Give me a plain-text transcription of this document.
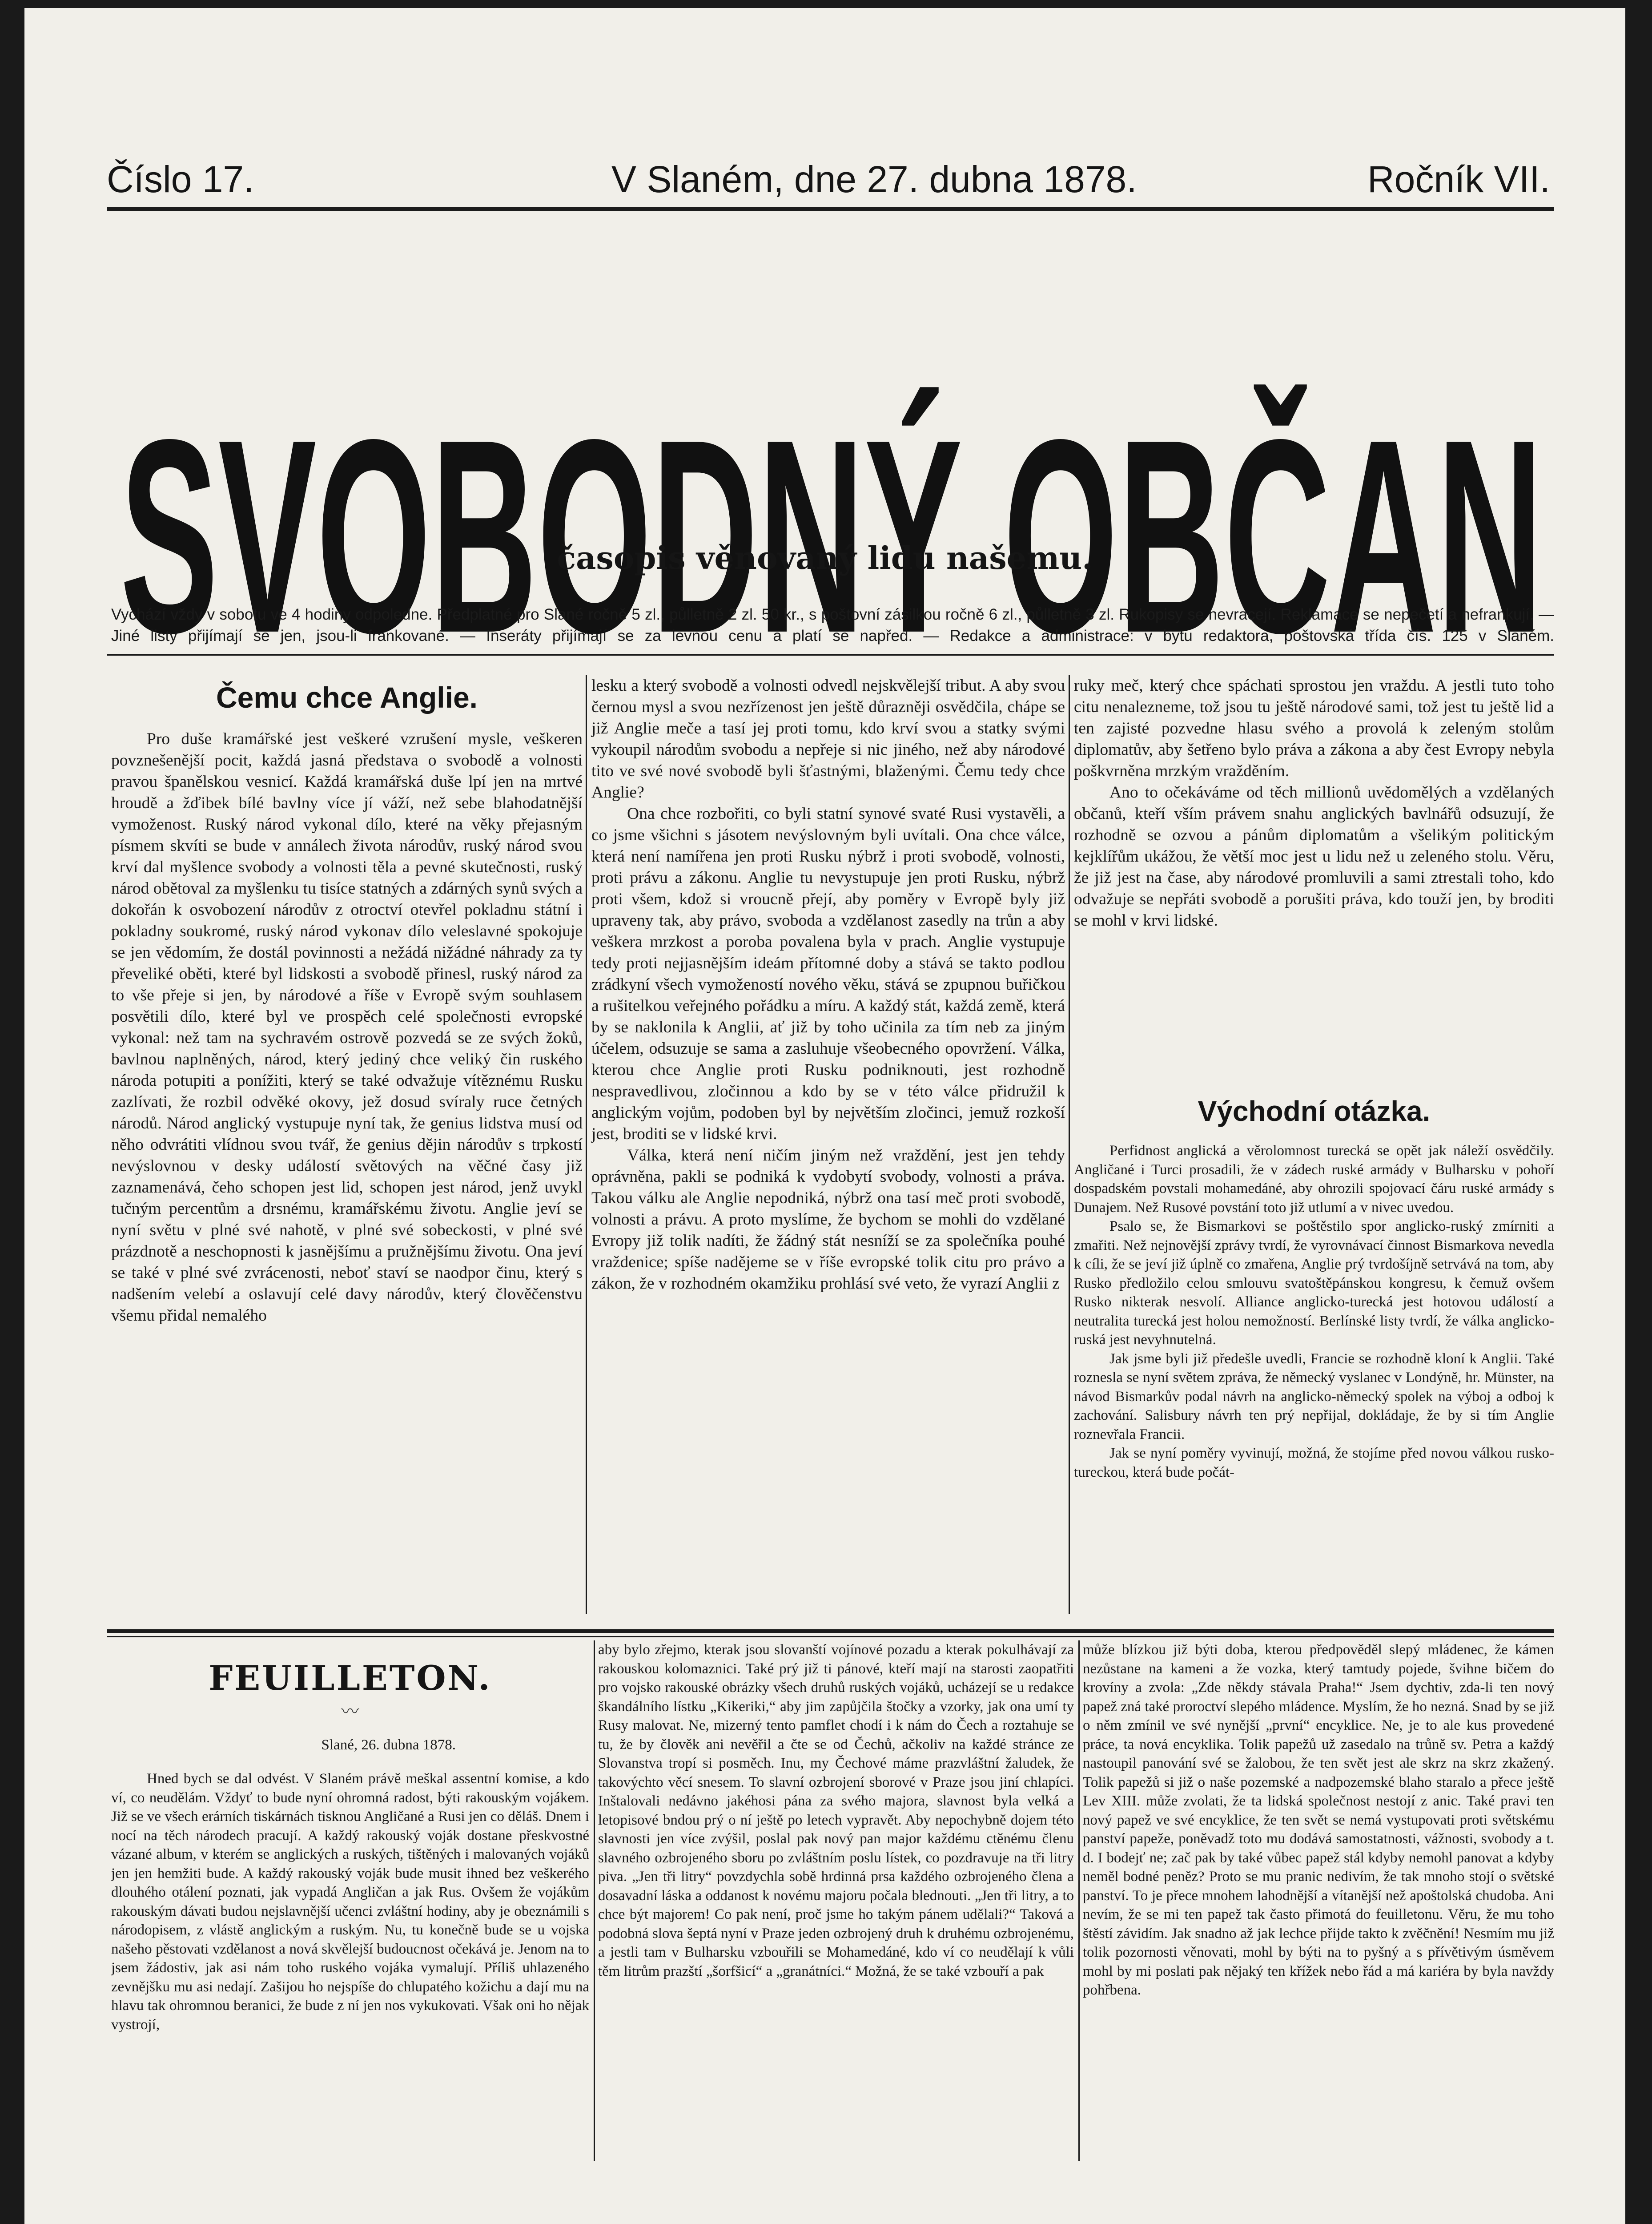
Číslo 17.	V Slaném, dne 27. dubna 1878.	Ročník VII.
SVOBODNÝ OBČAN časopis věnovaný lidu našemu.
Vychází vždy v sobotu ve 4 hodiny odpoledne. Předplatné pro Slané ročně 5 zl., půlletně 2 zl. 50 kr., s poštovní zásilkou ročně 6 zl., půlletně 3 zl. Rukopisy se nevracejí. Reklamace se nepečetí a nefrankují. — Jiné listy přijímají se jen, jsou-li frankované. — Inseráty přijímají se za levnou cenu a platí se napřed. — Redakce a administrace: v bytu redaktora, poštovská třída čís. 125 v Slaném.
Čemu chce Anglie.

Pro duše kramářské jest veškeré vzrušení mysle, veškeren povznešenější pocit, každá jasná představa o svobodě a volnosti pravou španělskou vesnicí. Každá kramářská duše lpí jen na mrtvé hroudě a žďibek bílé bavlny více jí váží, než sebe blahodatnější vymoženost. Ruský národ vykonal dílo, které na věky přejasným písmem skvíti se bude v annálech života národův, ruský národ svou krví dal myšlence svobody a volnosti těla a pevné skutečnosti, ruský národ obětoval za myšlenku tu tisíce statných a zdárných synů svých a dokořán k osvobození národův z otroctví otevřel pokladnu státní i pokladny soukromé, ruský národ vykonav dílo veleslavné spokojuje se jen vědomím, že dostál povinnosti a nežádá nižádné náhrady za ty převeliké oběti, které byl lidskosti a svobodě přinesl, ruský národ za to vše přeje si jen, by národové a říše v Evropě svým souhlasem posvětili dílo, které byl ve prospěch celé společnosti evropské vykonal: než tam na sychravém ostrově pozvedá se ze svých žoků, bavlnou naplněných, národ, který jediný chce veliký čin ruského národa potupiti a ponížiti, který se také odvažuje vítěznému Rusku zazlívati, že rozbil odvěké okovy, jež dosud svíraly ruce četných národů. Národ anglický vystupuje nyní tak, že genius lidstva musí od něho odvrátiti vlídnou svou tvář, že genius dějin národův s trpkostí nevýslovnou v desky událostí světových na věčné časy již zaznamenává, čeho schopen jest lid, schopen jest národ, jenž uvykl tučným percentům a drsnému, kramářskému životu. Anglie jeví se nyní světu v plné své nahotě, v plné své sobeckosti, v plné své prázdnotě a neschopnosti k jasnějšímu a pružnějšímu životu. Ona jeví se také v plné své zvrácenosti, neboť staví se naodpor činu, který s nadšením velebí a oslavují celé davy národův, který člověčenstvu všemu přidal nemalého

lesku a který svobodě a volnosti odvedl nejskvělejší tribut. A aby svou černou mysl a svou nezřízenost jen ještě důrazněji osvědčila, chápe se již Anglie meče a tasí jej proti tomu, kdo krví svou a statky svými vykoupil národům svobodu a nepřeje si nic jiného, než aby národové tito ve své nové svobodě byli šťastnými, blaženými. Čemu tedy chce Anglie?

Ona chce rozbořiti, co byli statní synové svaté Rusi vystavěli, a co jsme všichni s jásotem nevýslovným byli uvítali. Ona chce válce, která není namířena jen proti Rusku nýbrž i proti svobodě, volnosti, proti právu a zákonu. Anglie tu nevystupuje jen proti Rusku, nýbrž proti všem, kdož si vroucně přejí, aby poměry v Evropě byly již upraveny tak, aby právo, svoboda a vzdělanost zasedly na trůn a aby veškera mrzkost a poroba povalena byla v prach. Anglie vystupuje tedy proti nejjasnějším ideám přítomné doby a stává se takto podlou zrádkyní všech vymožeností nového věku, stává se zpupnou buřičkou a rušitelkou veřejného pořádku a míru. A každý stát, každá země, která by se naklonila k Anglii, ať již by toho učinila za tím neb za jiným účelem, odsuzuje se sama a zasluhuje všeobecného opovržení. Válka, kterou chce Anglie proti Rusku podniknouti, jest rozhodně nespravedlivou, zločinnou a kdo by se v této válce přidružil k anglickým vojům, podoben byl by největším zločinci, jemuž rozkoší jest, broditi se v lidské krvi.

Válka, která není ničím jiným než vraždění, jest jen tehdy oprávněna, pakli se podniká k vydobytí svobody, volnosti a práva. Takou válku ale Anglie nepodniká, nýbrž ona tasí meč proti svobodě, volnosti a právu. A proto myslíme, že bychom se mohli do vzdělané Evropy již tolik nadíti, že žádný stát nesníží se za společníka pouhé vraždenice; spíše nadějeme se v říše evropské tolik citu pro právo a zákon, že v rozhodném okamžiku prohlásí své veto, že vyrazí Anglii z

ruky meč, který chce spáchati sprostou jen vraždu. A jestli tuto toho citu nenalezneme, tož jsou tu ještě národové sami, tož jest tu ještě lid a ten zajisté pozvedne hlasu svého a provolá k zeleným stolům diplomatův, aby šetřeno bylo práva a zákona a aby čest Evropy nebyla poškvrněna mrzkým vražděním.

Ano to očekáváme od těch millionů uvědomělých a vzdělaných občanů, kteří vším právem snahu anglických bavlnářů odsuzují, že rozhodně se ozvou a pánům diplomatům a všelikým politickým kejklířům ukážou, že větší moc jest u lidu než u zeleného stolu. Věru, že již jest na čase, aby národové promluvili a sami ztrestali toho, kdo odvažuje se nepřáti svobodě a porušiti práva, kdo touží jen, by broditi se mohl v krvi lidské.

Východní otázka.

Perfidnost anglická a věrolomnost turecká se opět jak náleží osvědčily. Angličané i Turci prosadili, že v zádech ruské armády v Bulharsku v pohoří dospadském povstali mohamedáné, aby ohrozili spojovací čáru ruské armády s Dunajem. Než Rusové povstání toto již utlumí a v nivec uvedou.

Psalo se, že Bismarkovi se poštěstilo spor anglicko-ruský zmírniti a zmařiti. Než nejnovější zprávy tvrdí, že vyrovnávací činnost Bismarkova nevedla k cíli, že se jeví již úplně co zmařena, Anglie prý tvrdošíjně setrvává na tom, aby Rusko předložilo celou smlouvu svatoštěpánskou kongresu, k čemuž ovšem Rusko nikterak nesvolí. Alliance anglicko-turecká jest hotovou událostí a neutralita turecká jest holou nemožností. Berlínské listy tvrdí, že válka anglicko-ruská jest nevyhnutelná.

Jak jsme byli již předešle uvedli, Francie se rozhodně kloní k Anglii. Také roznesla se nyní světem zpráva, že německý vyslanec v Londýně, hr. Münster, na návod Bismarkův podal návrh na anglicko-německý spolek na výboj a odboj k zachování. Salisbury návrh ten prý nepřijal, dokládaje, že by si tím Anglie roznevřala Francii.

Jak se nyní poměry vyvinují, možná, že stojíme před novou válkou rusko-tureckou, která bude počát-

FEUILLETON.
〰
Slané, 26. dubna 1878.

Hned bych se dal odvést. V Slaném právě meškal assentní komise, a kdo ví, co neudělám. Vždyť to bude nyní ohromná radost, býti rakouským vojákem. Již se ve všech erárních tiskárnách tisknou Angličané a Rusi jen co děláš. Dnem i nocí na těch národech pracují. A každý rakouský voják dostane přeskvostné vázané album, v kterém se anglických a ruských, tištěných i malovaných vojáků jen jen hemžiti bude. A každý rakouský voják bude musit ihned bez veškerého dlouhého otálení poznati, jak vypadá Angličan a jak Rus. Ovšem že vojákům rakouským dávati budou nejslavnější učenci zvláštní hodiny, aby je obeznámili s národopisem, z vlástě anglickým a ruským. Nu, tu konečně bude se u vojska našeho pěstovati vzdělanost a nová skvělejší budoucnost očekává je. Jenom na to jsem žádostiv, jak asi nám toho ruského vojáka vymalují. Příliš uhlazeného zevnějšku mu asi nedají. Zašijou ho nejspíše do chlupatého kožichu a dají mu na hlavu tak ohromnou beranici, že bude z ní jen nos vykukovati. Však oni ho nějak vystrojí,

aby bylo zřejmo, kterak jsou slovanští vojínové pozadu a kterak pokulhávají za rakouskou kolomaznici. Také prý již ti pánové, kteří mají na starosti zaopatřiti pro vojsko rakouské obrázky všech druhů ruských vojáků, ucházejí se u redakce škandálního lístku „Kikeriki,“ aby jim zapůjčila štočky a vzorky, jak ona umí ty Rusy malovat. Ne, mizerný tento pamflet chodí i k nám do Čech a roztahuje se tu, že by člověk ani nevěřil a čte se od Čechů, ačkoliv na každé stránce ze Slovanstva tropí si posměch. Inu, my Čechové máme prazvláštní žaludek, že takovýchto věcí snesem. To slavní ozbrojení sborové v Praze jsou jiní chlapíci. Inštalovali nedávno jakéhosi pána za svého majora, slavnost byla velká a letopisové bndou prý o ní ještě po letech vypravět. Aby nepochybně dojem této slavnosti jen více zvýšil, poslal pak nový pan major každému ctěnému členu slavného ozbrojeného sboru po zvláštním poslu lístek, co pozdravuje na tři litry piva. „Jen tři litry“ povzdychla sobě hrdinná prsa každého ozbrojeného člena a dosavadní láska a oddanost k novému majoru počala blednouti. „Jen tři litry, a to chce být majorem! Co pak není, proč jsme ho takým pánem udělali?“ Taková a podobná slova šeptá nyní v Praze jeden ozbrojený druh k druhému ozbrojenému, a jestli tam v Bulharsku vzbouřili se Mohamedáné, kdo ví co neudělají k vůli těm litrům prazští „šorfšicí“ a „granátníci.“ Možná, že se také vzbouří a pak

může blízkou již býti doba, kterou předpověděl slepý mládenec, že kámen nezůstane na kameni a že vozka, který tamtudy pojede, švihne bičem do krovíny a zvola: „Zde někdy stávala Praha!“ Jsem dychtiv, zda-li ten nový papež zná také proroctví slepého mládence. Myslím, že ho nezná. Snad by se již o něm zmínil ve své nynější „první“ encyklice. Ne, je to ale kus provedené práce, ta nová encyklika. Tolik papežů už zasedalo na trůně sv. Petra a každý nastoupil panování své se žalobou, že ten svět jest ale skrz na skrz zkažený. Tolik papežů si již o naše pozemské a nadpozemské blaho staralo a přece ještě Lev XIII. může zvolati, že ta lidská společnost nestojí z anic. Také pravi ten nový papež ve své encyklice, že ten svět se nemá vystupovati proti světskému panství papeže, poněvadž toto mu dodává samostatnosti, vážnosti, svobody a t. d. I bodejť ne; zač pak by také vůbec papež stál kdyby nemohl panovat a kdyby neměl bodné peněz? Proto se mu pranic nedivím, že tak mnoho stojí o světské panství. To je přece mnohem lahodnější a vítanější než apoštolská chudoba. Ani nevím, že se mi ten papež tak často přimotá do feuilletonu. Věru, že mu toho štěstí závidím. Jak snadno až jak lechce přijde takto k zvěčnění! Nesmím mu již tolik pozornosti věnovati, mohl by býti na to pyšný a s přívětivým úsměvem mohl by mi poslati pak nějaký ten křížek nebo řád a má kariéra by byla navždy pohřbena.
